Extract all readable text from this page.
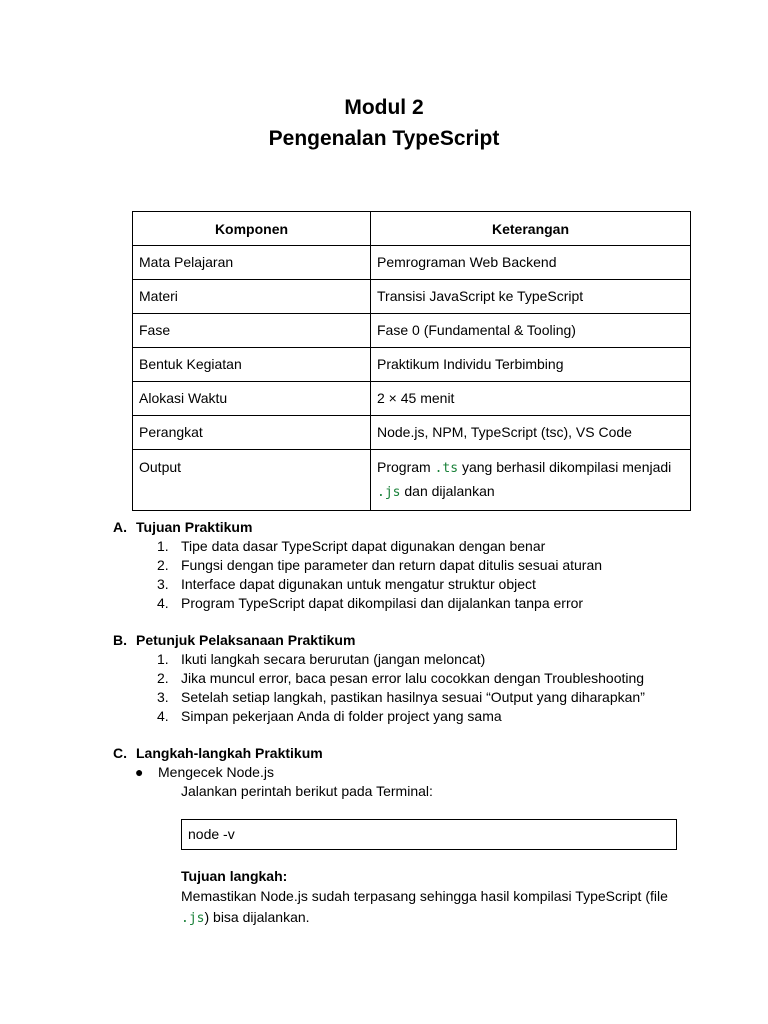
Modul 2
Pengenalan TypeScript
Komponen	Keterangan
Mata Pelajaran	Pemrograman Web Backend
Materi	Transisi JavaScript ke TypeScript
Fase	Fase 0 (Fundamental & Tooling)
Bentuk Kegiatan	Praktikum Individu Terbimbing
Alokasi Waktu	2 × 45 menit
Perangkat	Node.js, NPM, TypeScript (tsc), VS Code
Output	Program .ts yang berhasil dikompilasi menjadi .js dan dijalankan
A. Tujuan Praktikum
1. Tipe data dasar TypeScript dapat digunakan dengan benar
2. Fungsi dengan tipe parameter dan return dapat ditulis sesuai aturan
3. Interface dapat digunakan untuk mengatur struktur object
4. Program TypeScript dapat dikompilasi dan dijalankan tanpa error
B. Petunjuk Pelaksanaan Praktikum
1. Ikuti langkah secara berurutan (jangan meloncat)
2. Jika muncul error, baca pesan error lalu cocokkan dengan Troubleshooting
3. Setelah setiap langkah, pastikan hasilnya sesuai “Output yang diharapkan”
4. Simpan pekerjaan Anda di folder project yang sama
C. Langkah-langkah Praktikum
● Mengecek Node.js
Jalankan perintah berikut pada Terminal:
node -v
Tujuan langkah:
Memastikan Node.js sudah terpasang sehingga hasil kompilasi TypeScript (file
.js) bisa dijalankan.
